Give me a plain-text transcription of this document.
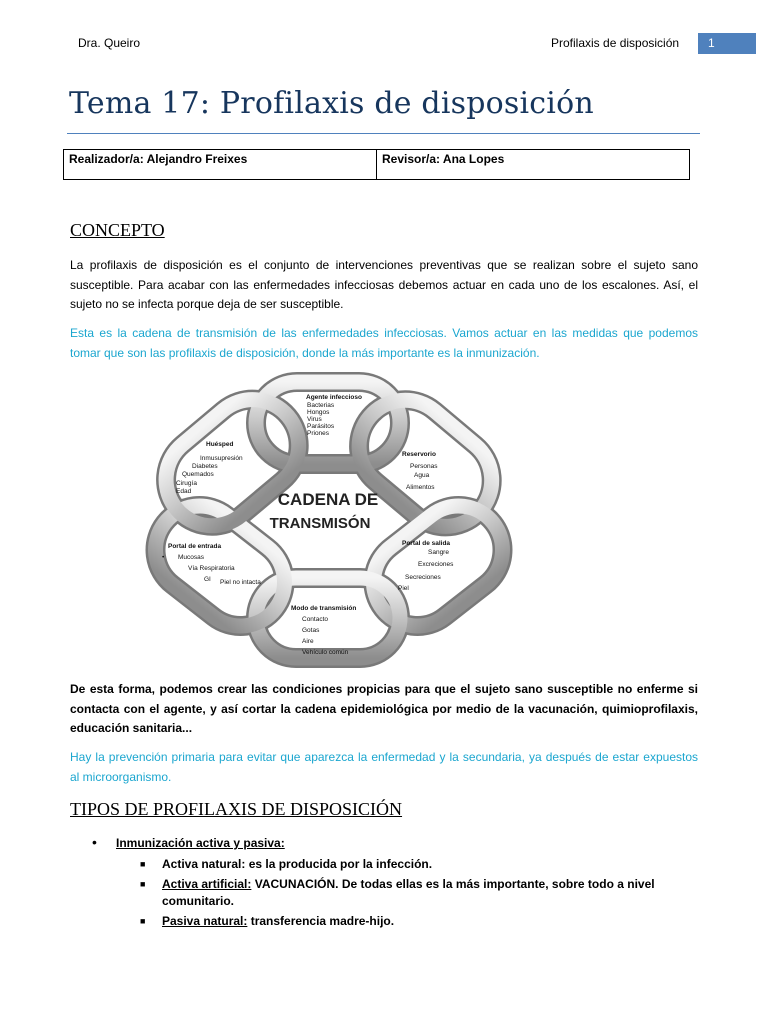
Dra. Queiro	Profilaxis de disposición	1
Tema 17: Profilaxis de disposición
Realizador/a: Alejandro Freixes	Revisor/a: Ana Lopes
CONCEPTO

La profilaxis de disposición es el conjunto de intervenciones preventivas que se realizan sobre el sujeto sano susceptible. Para acabar con las enfermedades infecciosas debemos actuar en cada uno de los escalones. Así, el sujeto no se infecta porque deja de ser susceptible.

Esta es la cadena de transmisión de las enfermedades infecciosas. Vamos actuar en las medidas que podemos tomar que son las profilaxis de disposición, donde la más importante es la inmunización.

CADENA DE
TRANSMISÓN
Agente infeccioso
Bacterias
Hongos
Virus
Parásitos
Priones
Reservorio
Personas
Agua
Alimentos
Portal de salida
Sangre
Excreciones
Secreciones
Piel
Modo de transmisión
Contacto
Gotas
Aire
Vehículo común
Portal de entrada
• Mucosas
Vía Respiratoria
GI Piel no intacta
Huésped
Inmusupresión
Diabetes
Quemados
Cirugía
Edad

De esta forma, podemos crear las condiciones propicias para que el sujeto sano susceptible no enferme si contacta con el agente, y así cortar la cadena epidemiológica por medio de la vacunación, quimioprofilaxis, educación sanitaria...

Hay la prevención primaria para evitar que aparezca la enfermedad y la secundaria, ya después de estar expuestos al microorganismo.

TIPOS DE PROFILAXIS DE DISPOSICIÓN
• Inmunización activa y pasiva:
■ Activa natural: es la producida por la infección.
■ Activa artificial: VACUNACIÓN. De todas ellas es la más importante, sobre todo a nivel comunitario.
■ Pasiva natural: transferencia madre-hijo.
